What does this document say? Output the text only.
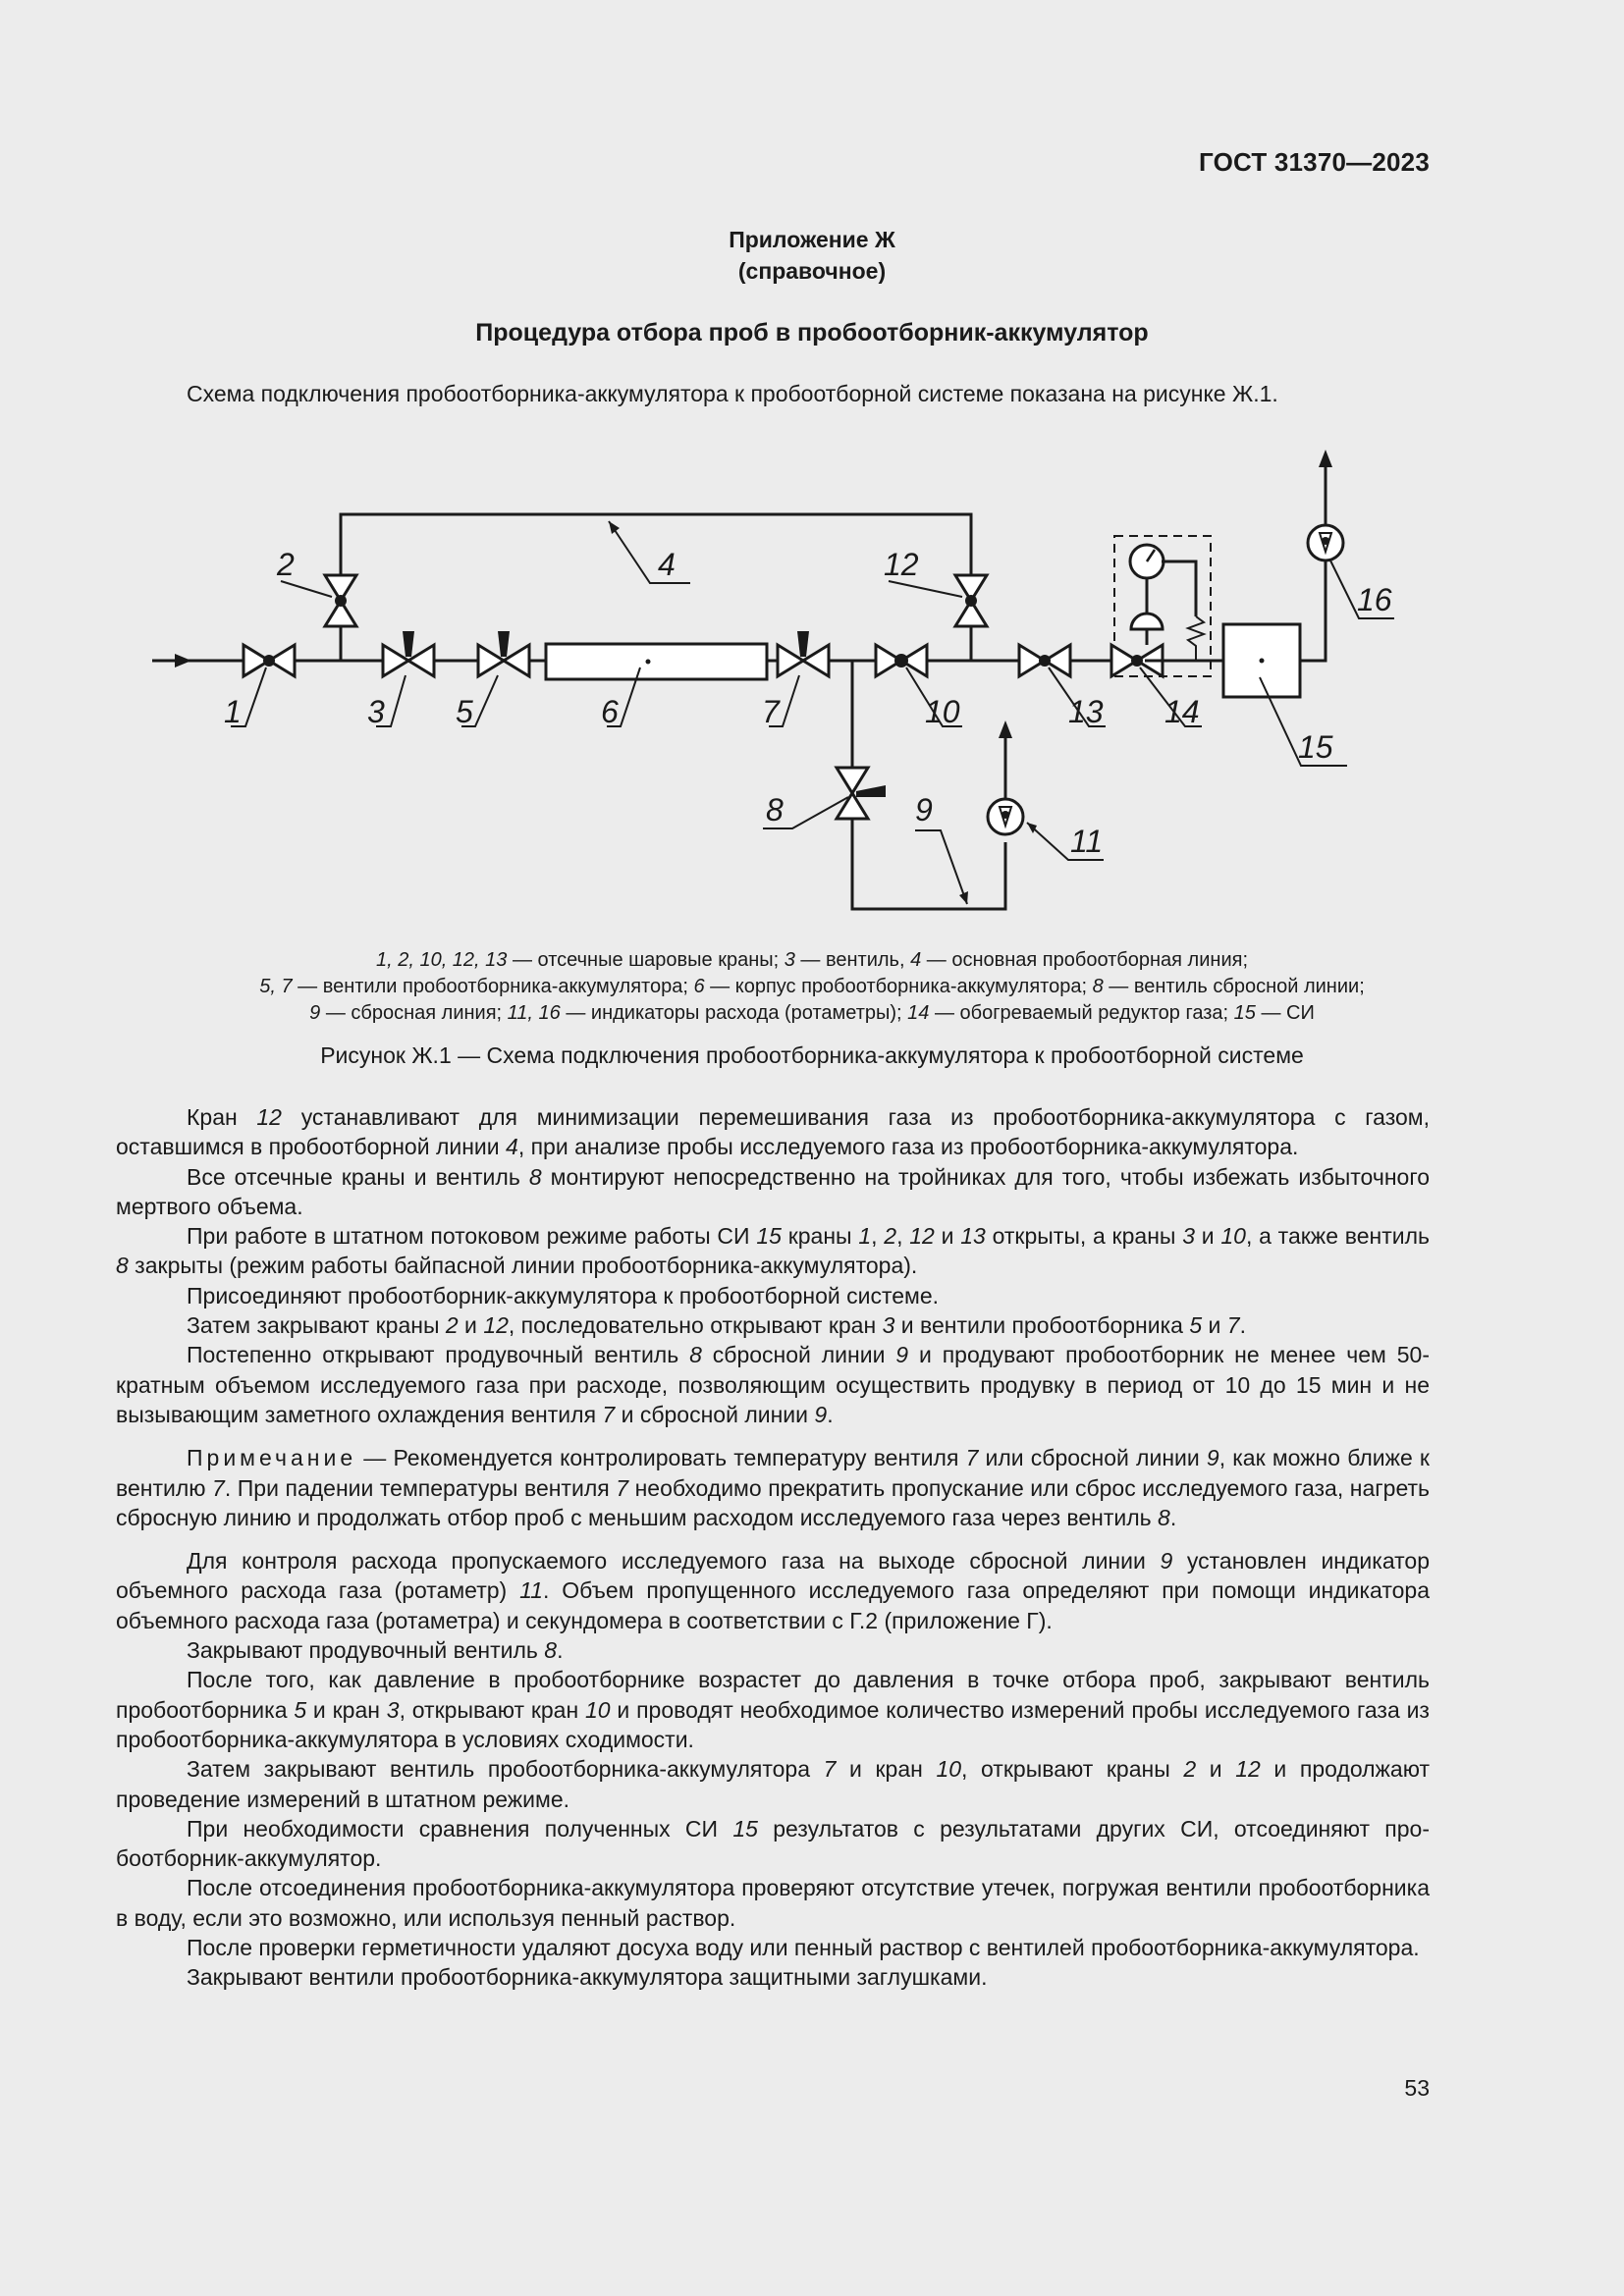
ГОСТ 31370—2023
Приложение Ж
(справочное)
Процедура отбора проб в пробоотборник-аккумулятор
Схема подключения пробоотборника-аккумулятора к пробоотборной системе показана на рисунке Ж.1.
1
2
3
4
5	6	7
8	9
10
11
12
13 14
15
16
1, 2, 10, 12, 13 — отсечные шаровые краны; 3 — вентиль, 4 — основная пробоотборная линия;
5, 7 — вентили пробоотборника-аккумулятора; 6 — корпус пробоотборника-аккумулятора; 8 — вентиль сбросной линии;
9 — сбросная линия; 11, 16 — индикаторы расхода (ротаметры); 14 — обогреваемый редуктор газа; 15 — СИ
Рисунок Ж.1 — Схема подключения пробоотборника-аккумулятора к пробоотборной системе

Кран 12 устанавливают для минимизации перемешивания газа из пробоотборника-аккумулятора с газом, оставшимся в пробоотборной линии 4, при анализе пробы исследуемого газа из пробоотборника-аккумулятора.

Все отсечные краны и вентиль 8 монтируют непосредственно на тройниках для того, чтобы избежать избыточного мертвого объема.

При работе в штатном потоковом режиме работы СИ 15 краны 1, 2, 12 и 13 открыты, а краны 3 и 10, а также вентиль 8 закрыты (режим работы байпасной линии пробоотборника-аккумулятора).

Присоединяют пробоотборник-аккумулятора к пробоотборной системе.

Затем закрывают краны 2 и 12, последовательно открывают кран 3 и вентили пробоотборника 5 и 7.

Постепенно открывают продувочный вентиль 8 сбросной линии 9 и продувают пробоотборник не менее чем 50-кратным объемом исследуемого газа при расходе, позволяющим осуществить продувку в период от 10 до 15 мин и не вызывающим заметного охлаждения вентиля 7 и сбросной линии 9.

Примечание — Рекомендуется контролировать температуру вентиля 7 или сбросной линии 9, как можно ближе к вентилю 7. При падении температуры вентиля 7 необходимо прекратить пропускание или сброс исследуемого газа, нагреть сбросную линию и продолжать отбор проб с меньшим расходом исследуемого газа через вентиль 8.

Для контроля расхода пропускаемого исследуемого газа на выходе сбросной линии 9 установлен индикатор объемного расхода газа (ротаметр) 11. Объем пропущенного исследуемого газа определяют при помощи индикатора объемного расхода газа (ротаметра) и секундомера в соответствии с Г.2 (приложение Г).

Закрывают продувочный вентиль 8.

После того, как давление в пробоотборнике возрастет до давления в точке отбора проб, закрывают вентиль пробоотборника 5 и кран 3, открывают кран 10 и проводят необходимое количество измерений пробы исследуемого газа из пробоотборника-аккумулятора в условиях сходимости.

Затем закрывают вентиль пробоотборника-аккумулятора 7 и кран 10, открывают краны 2 и 12 и продолжают проведение измерений в штатном режиме.

При необходимости сравнения полученных СИ 15 результатов с результатами других СИ, отсоединяют пробоотборник-аккумулятор.

После отсоединения пробоотборника-аккумулятора проверяют отсутствие утечек, погружая вентили пробоотборника в воду, если это возможно, или используя пенный раствор.

После проверки герметичности удаляют досуха воду или пенный раствор с вентилей пробоотборника-аккумулятора.

Закрывают вентили пробоотборника-аккумулятора защитными заглушками.

53
